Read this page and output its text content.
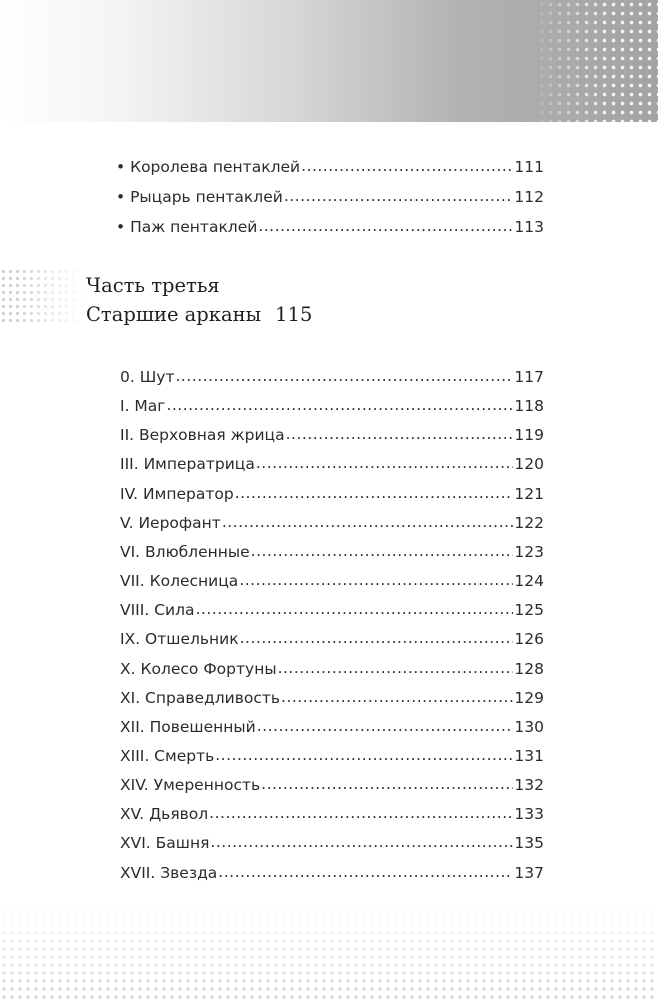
• Королева пентаклей .....	111
• Рыцарь пентаклей .....	112
• Паж пентаклей .....	113
Часть третья
Старшие арканы 115
0. Шут .....	117
I. Маг .....	118
II. Верховная жрица .....	119
III. Императрица .....	120
IV. Император .....	121
V. Иерофант .....	122
VI. Влюбленные .....	123
VII. Колесница .....	124
VIII. Сила .....	125
IX. Отшельник .....	126
X. Колесо Фортуны .....	128
XI. Справедливость .....	129
XII. Повешенный .....	130
XIII. Смерть .....	131
XIV. Умеренность .....	132
XV. Дьявол .....	133
XVI. Башня .....	135
XVII. Звезда .....	137
